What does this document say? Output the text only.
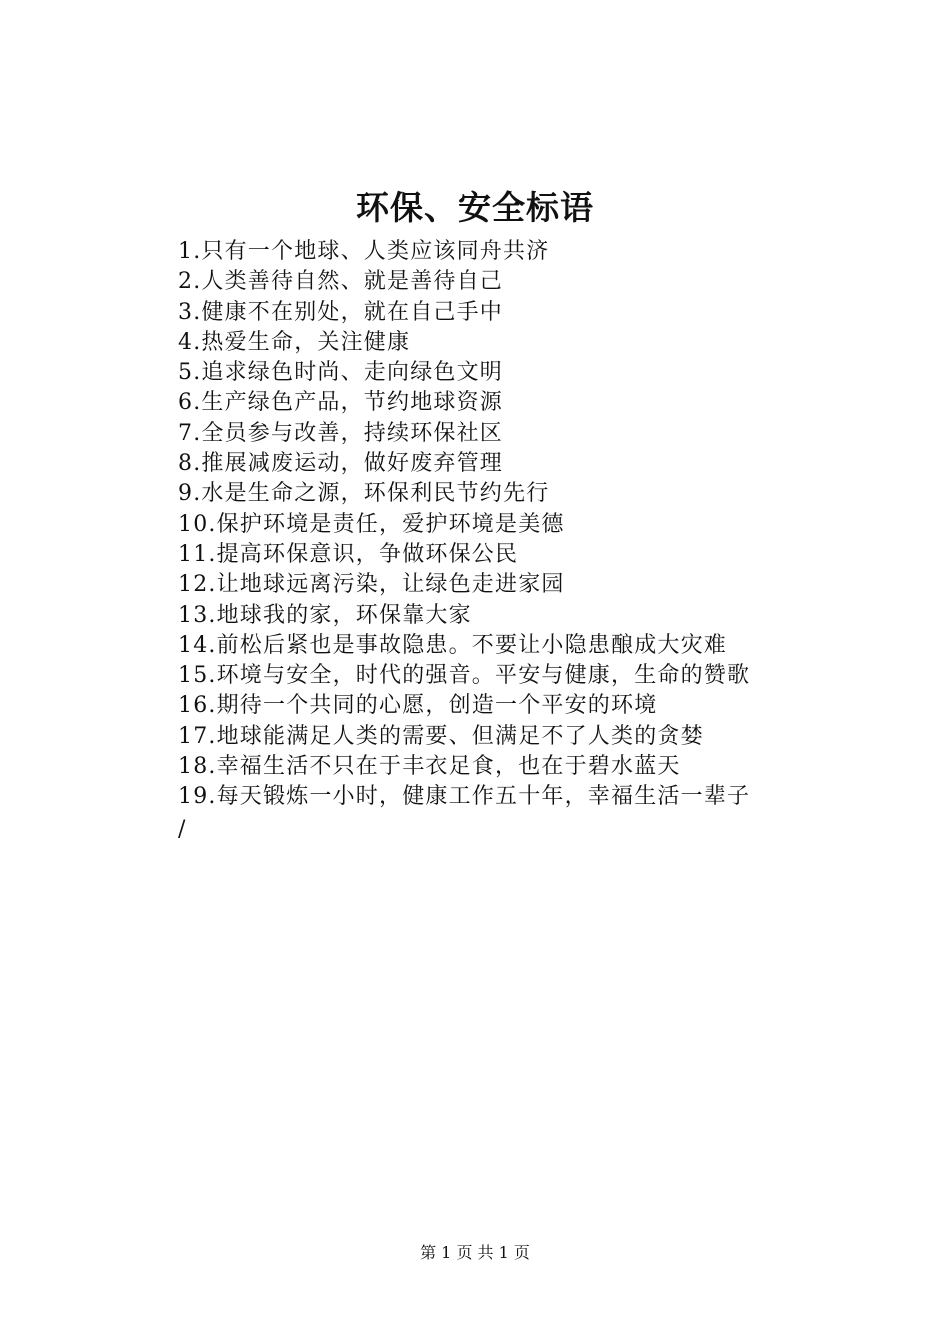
环保、安全标语
1.只有一个地球、人类应该同舟共济
2.人类善待自然、就是善待自己
3.健康不在别处，就在自己手中
4.热爱生命，关注健康
5.追求绿色时尚、走向绿色文明
6.生产绿色产品，节约地球资源
7.全员参与改善，持续环保社区
8.推展减废运动，做好废弃管理
9.水是生命之源，环保利民节约先行
10.保护环境是责任，爱护环境是美德
11.提高环保意识，争做环保公民
12.让地球远离污染，让绿色走进家园
13.地球我的家，环保靠大家
14.前松后紧也是事故隐患。不要让小隐患酿成大灾难
15.环境与安全，时代的强音。平安与健康，生命的赞歌
16.期待一个共同的心愿，创造一个平安的环境
17.地球能满足人类的需要、但满足不了人类的贪婪
18.幸福生活不只在于丰衣足食，也在于碧水蓝天
19.每天锻炼一小时，健康工作五十年，幸福生活一辈子
/
第 1 页 共 1 页
